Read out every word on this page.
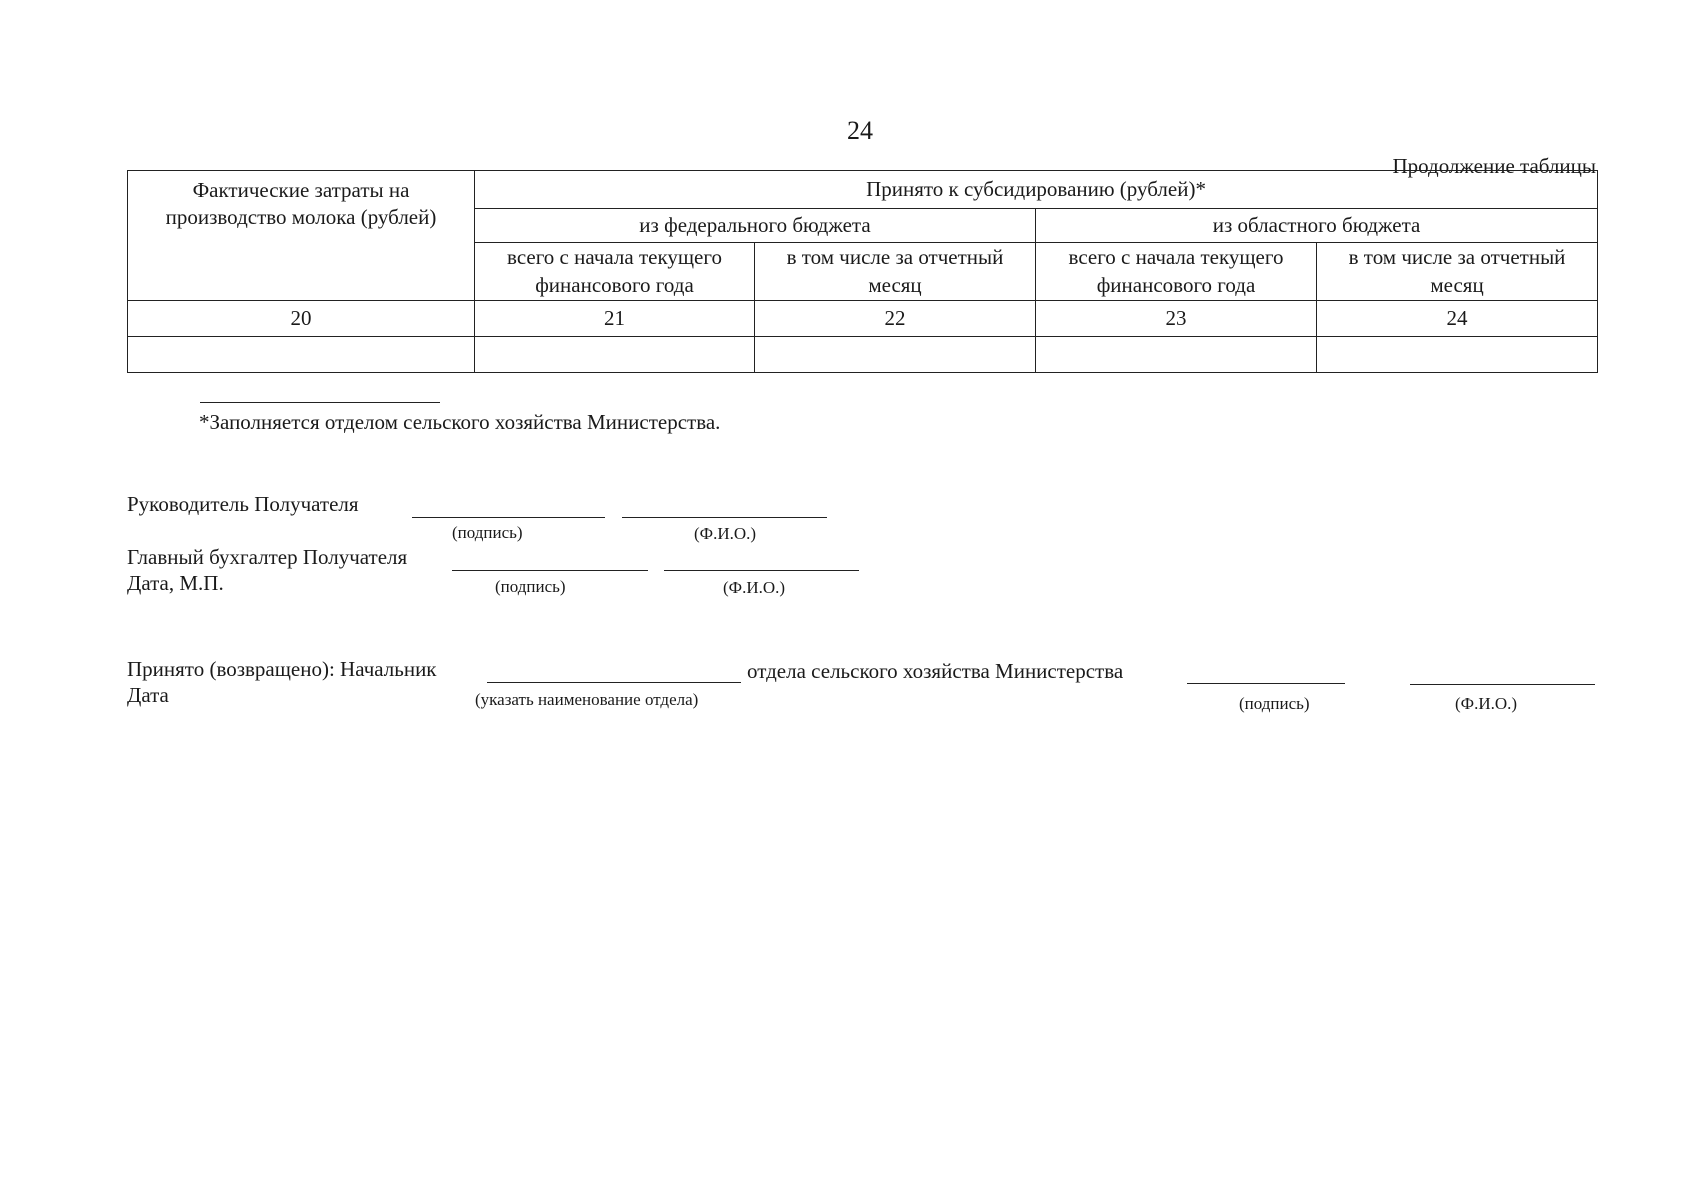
24
Продолжение таблицы
Фактические затраты на производство молока (рублей)	Принято к субсидированию (рублей)*			
	из федерального бюджета		из областного бюджета	
	всего с начала текущего финансового года	в том числе за отчетный месяц	всего с начала текущего финансового года	в том числе за отчетный месяц
20	21	22	23	24

*Заполняется отделом сельского хозяйства Министерства.
Руководитель Получателя
(подпись)	(Ф.И.О.)
Главный бухгалтер Получателя
Дата, М.П.	(подпись)	(Ф.И.О.)
Принято (возвращено): Начальник	отдела сельского хозяйства Министерства
Дата	(указать наименование отдела)	(подпись)	(Ф.И.О.)
